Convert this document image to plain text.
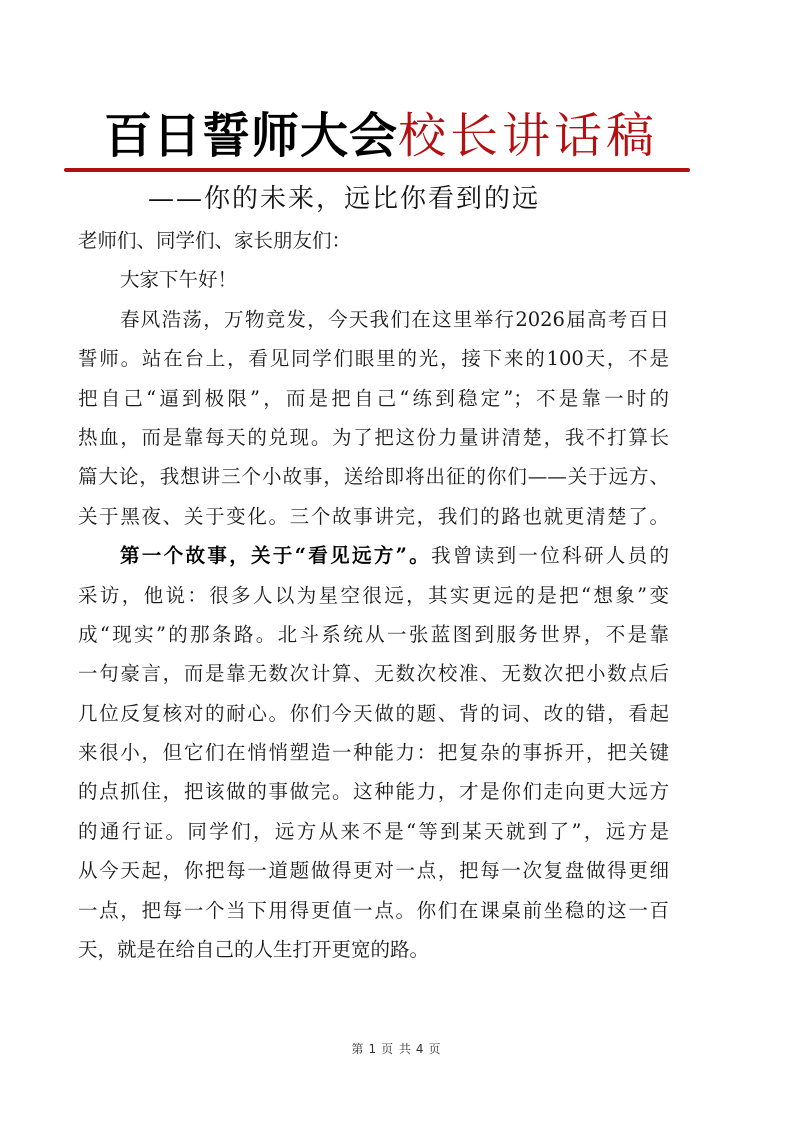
百日誓师大会校长讲话稿
——你的未来，远比你看到的远
老师们、同学们、家长朋友们：
大家下午好！
春风浩荡，万物竞发，今天我们在这里举行2026届高考百日
誓师。站在台上，看见同学们眼里的光，接下来的100天，不是
把自己“逼到极限”，而是把自己“练到稳定”；不是靠一时的
热血，而是靠每天的兑现。为了把这份力量讲清楚，我不打算长
篇大论，我想讲三个小故事，送给即将出征的你们——关于远方、
关于黑夜、关于变化。三个故事讲完，我们的路也就更清楚了。
第一个故事，关于“看见远方”。我曾读到一位科研人员的
采访，他说：很多人以为星空很远，其实更远的是把“想象”变
成“现实”的那条路。北斗系统从一张蓝图到服务世界，不是靠
一句豪言，而是靠无数次计算、无数次校准、无数次把小数点后
几位反复核对的耐心。你们今天做的题、背的词、改的错，看起
来很小，但它们在悄悄塑造一种能力：把复杂的事拆开，把关键
的点抓住，把该做的事做完。这种能力，才是你们走向更大远方
的通行证。同学们，远方从来不是“等到某天就到了”，远方是
从今天起，你把每一道题做得更对一点，把每一次复盘做得更细
一点，把每一个当下用得更值一点。你们在课桌前坐稳的这一百
天，就是在给自己的人生打开更宽的路。
第 1 页 共 4 页
